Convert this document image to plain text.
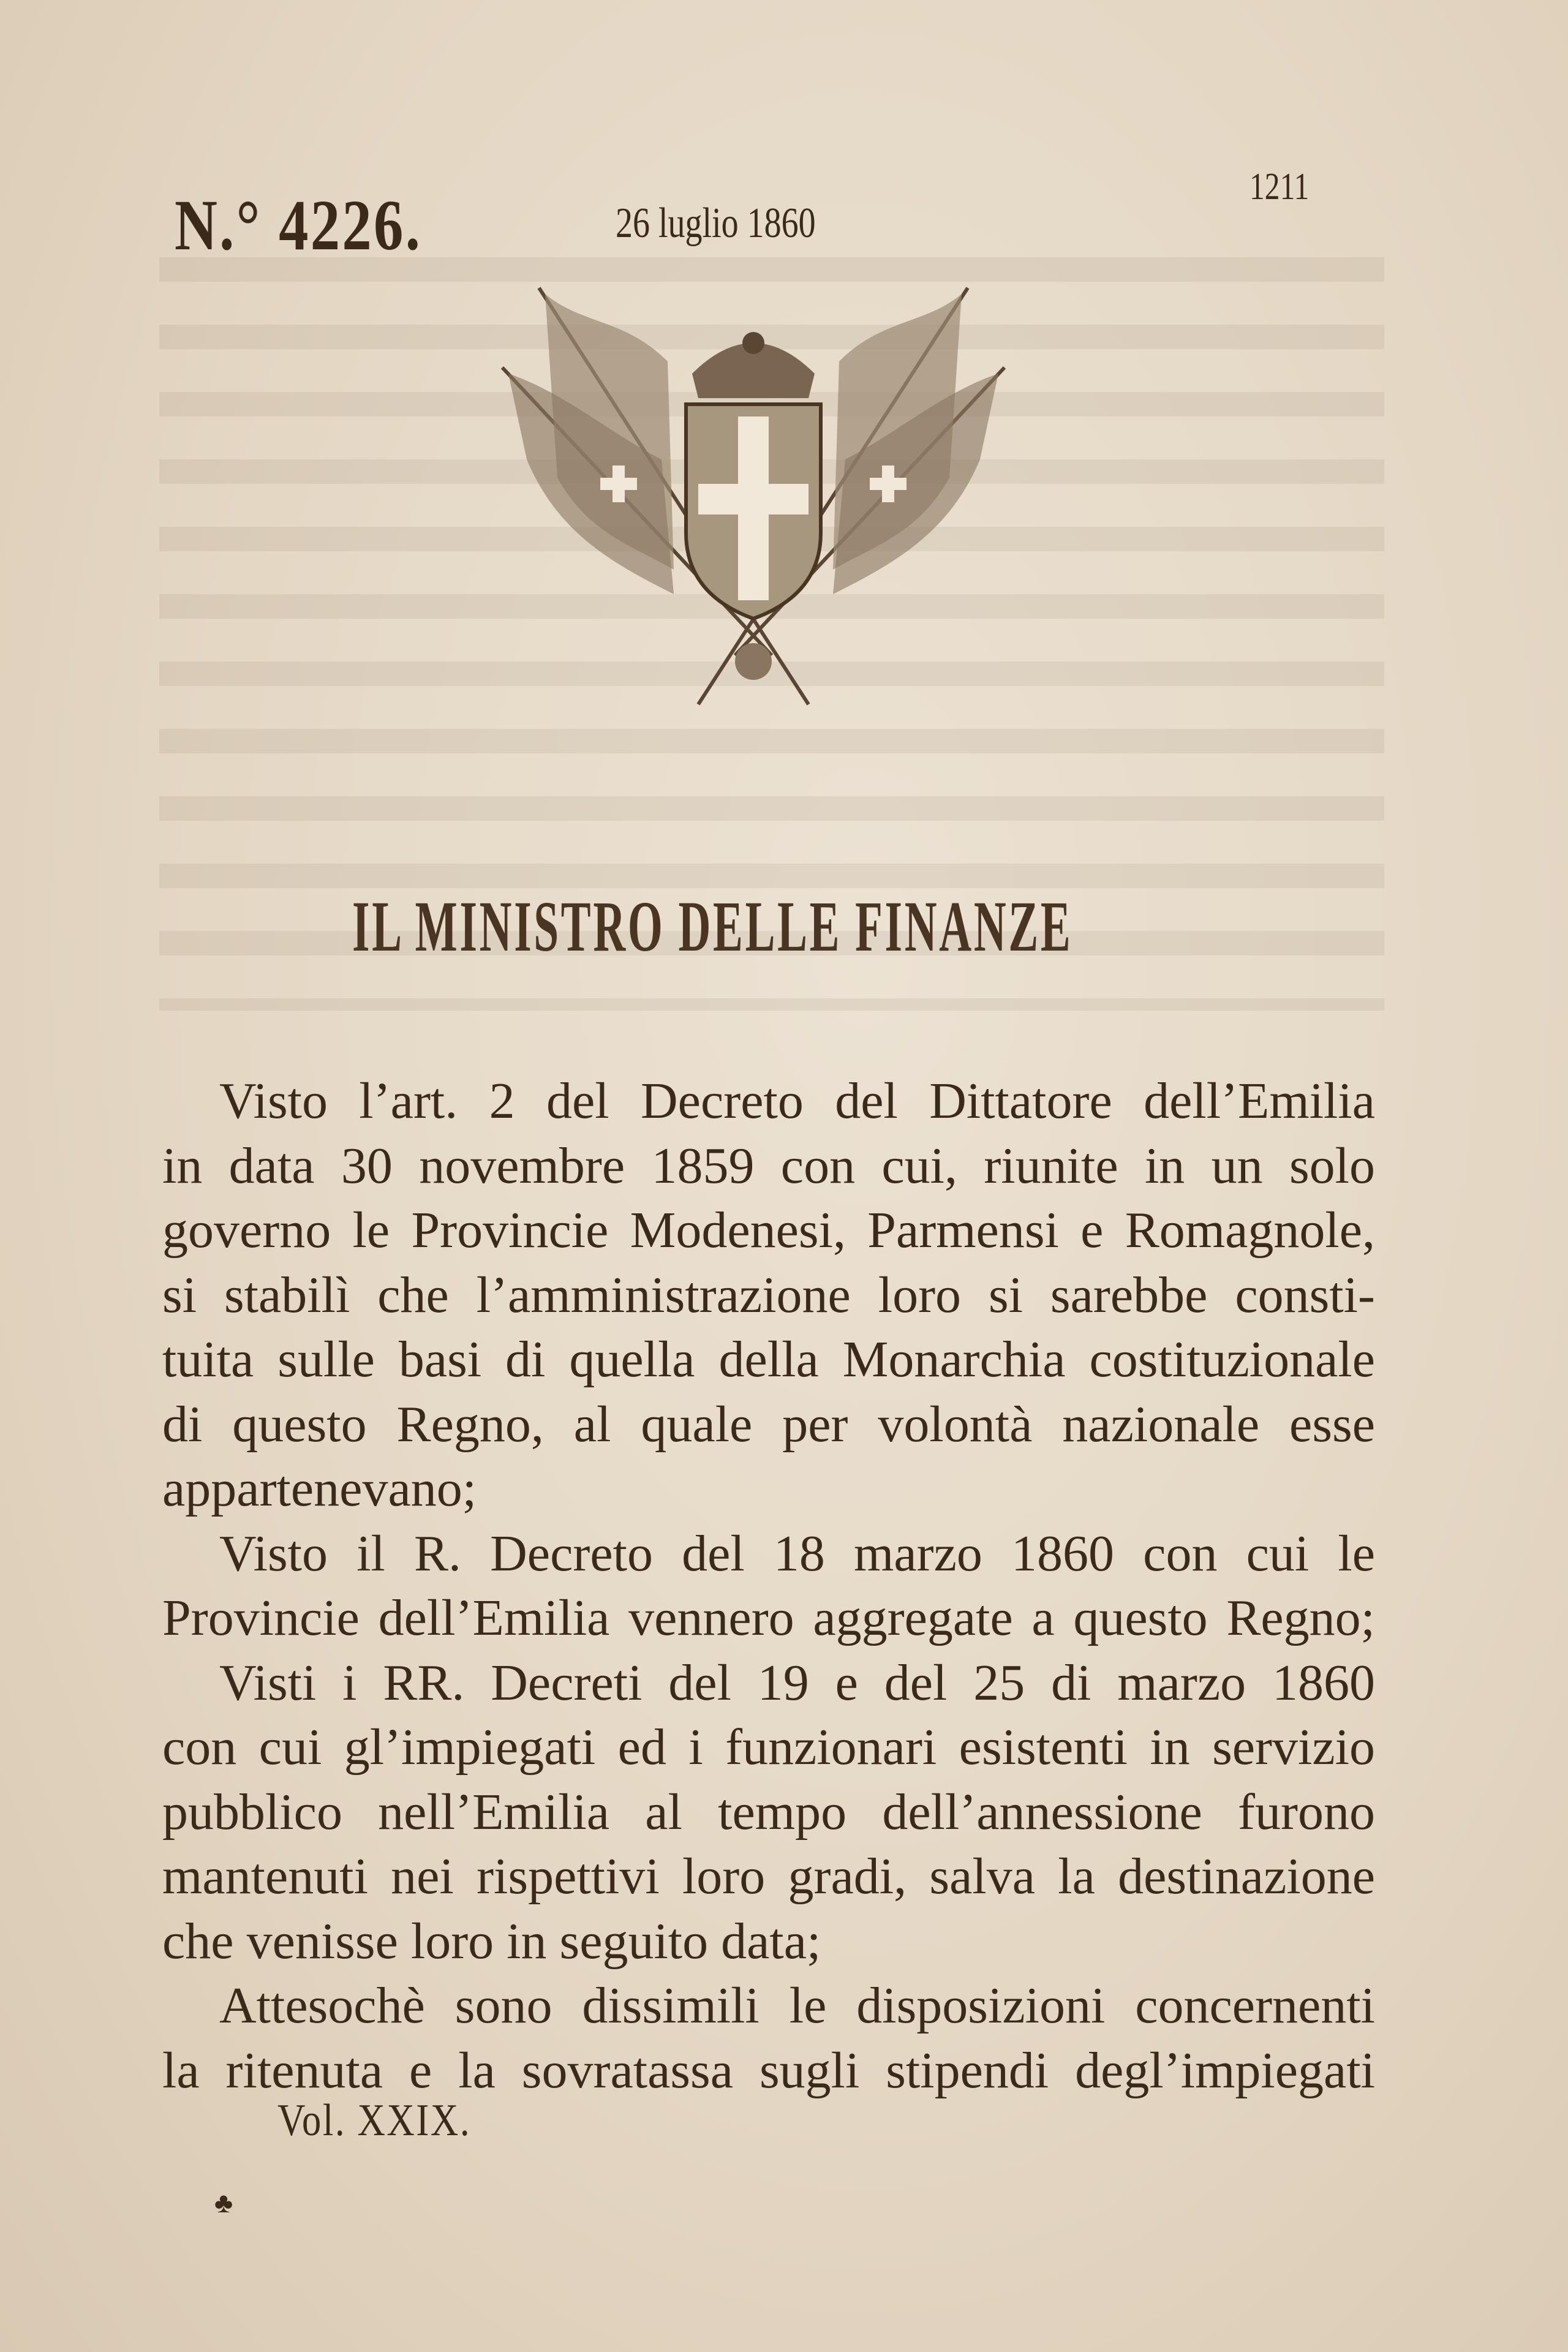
N.° 4226.	26 luglio 1860
1211
IL MINISTRO DELLE FINANZE
Visto l’art. 2 del Decreto del Dittatore dell’Emilia
in data 30 novembre 1859 con cui, riunite in un solo
governo le Provincie Modenesi, Parmensi e Romagnole,
si stabilì che l’amministrazione loro si sarebbe consti-
tuita sulle basi di quella della Monarchia costituzionale
di questo Regno, al quale per volontà nazionale esse
appartenevano;
Visto il R. Decreto del 18 marzo 1860 con cui le
Provincie dell’Emilia vennero aggregate a questo Regno;
Visti i RR. Decreti del 19 e del 25 di marzo 1860
con cui gl’impiegati ed i funzionari esistenti in servizio
pubblico nell’Emilia al tempo dell’annessione furono
mantenuti nei rispettivi loro gradi, salva la destinazione
che venisse loro in seguito data;
Attesochè sono dissimili le disposizioni concernenti
la ritenuta e la sovratassa sugli stipendi degl’impiegati
Vol. XXIX.
♣
